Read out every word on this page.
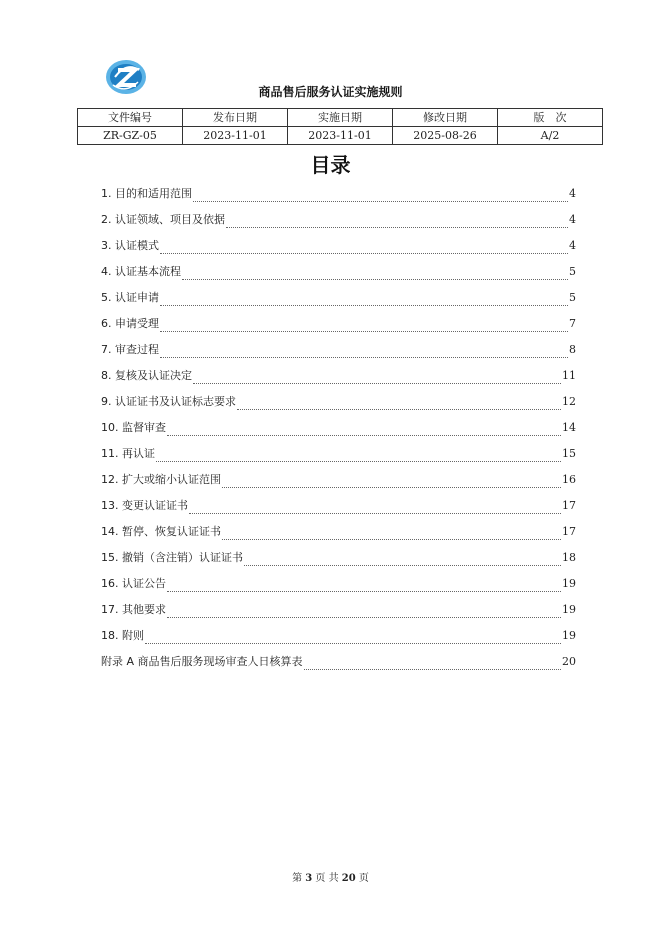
商品售后服务认证实施规则
文件编号	发布日期	实施日期	修改日期	版　次
ZR-GZ-05	2023-11-01	2023-11-01	2025-08-26	A/2
目录
1. 目的和适用范围	4
2. 认证领域、项目及依据	4
3. 认证模式	4
4. 认证基本流程	5
5. 认证申请	5
6. 申请受理	7
7. 审查过程	8
8. 复核及认证决定	11
9. 认证证书及认证标志要求	12
10. 监督审查	14
11. 再认证	15
12. 扩大或缩小认证范围	16
13. 变更认证证书	17
14. 暂停、恢复认证证书	17
15. 撤销（含注销）认证证书	18
16. 认证公告	19
17. 其他要求	19
18. 附则	19
附录 A 商品售后服务现场审查人日核算表	20
第 3 页 共 20 页
